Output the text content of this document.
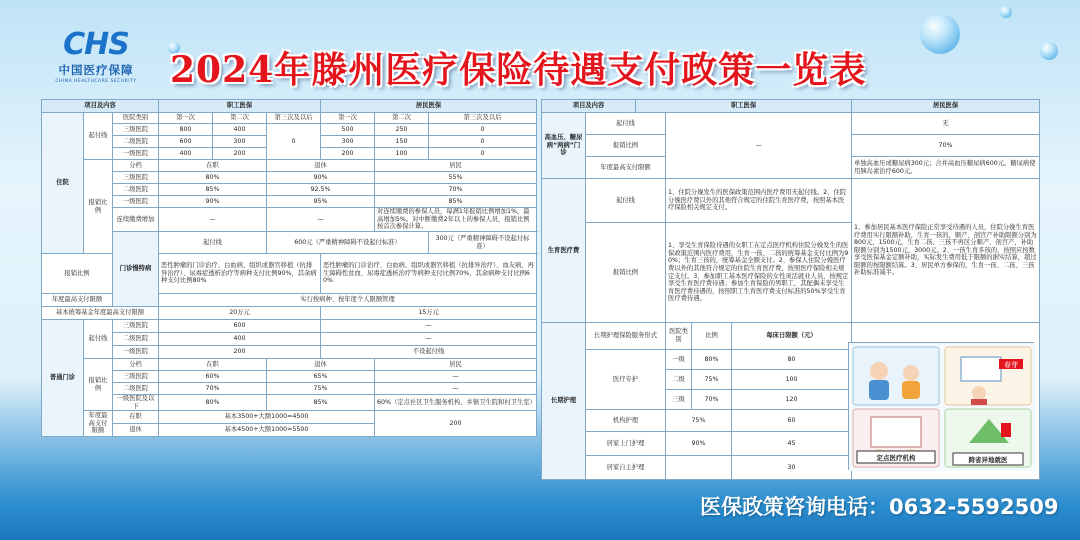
CHS
中国医疗保障
CHINA HEALTHCARE SECURITY 2024年滕州医疗保险待遇支付政策一览表
项目及内容			职工医保			居民医保		
住院	起付线	医院类别	第一次	第二次	第三次及以后	第一次	第二次	第三次及以后
		三级医院	800	400	0	500	250	0
		二级医院	600	300		300	150	0
		一级医院	400	200		200	100	0
	报销比例	分档	在职		退休		居民	
		三级医院	80%		90%		55%	
		二级医院	85%		92.5%		70%	
		一级医院	90%		95%		85%	
		连续缴费增加	—		—		对连续缴费的参保人员，每满1年报销比例增加1%，最高增加5%。对中断缴费2年以上的参保人员，报销比例按首次参保计算。	
		门诊慢特病	起付线		600元（严重精神障碍不设起付标准）			300元（严重精神障碍不设起付标准）
报销比例			恶性肿瘤的门诊治疗、白血病、组织或器官移植（抗排异治疗）、尿毒症透析治疗等病种支付比例90%，其余病种支付比例80%			恶性肿瘤的门诊治疗、白血病、组织或器官移植（抗排异治疗）、血友病、再生障碍性贫血、尿毒症透析治疗等病种支付比例70%，其余病种支付比例60%		
年度最高支付限额			实行按病种、按年度个人限额管理					
基本统筹基金年度最高支付限额			20万元			15万元		
普通门诊	起付线	三级医院	600			—		
		二级医院	400			—		
		一级医院	200			不设起付线		
	报销比例	分档	在职		退休		居民	
		三级医院	60%		65%		—	
		二级医院	70%		75%		—	
		一级医院及以下	80%		85%		60%（定点社区卫生服务机构、乡镇卫生院和村卫生室）	
	年度最高支付限额	在职	基本3500+大额1000=4500				200	
		退休	基本4500+大额1000=5500					
项目及内容		职工医保				居民医保
高血压、糖尿病“两病”门诊	起付线		—			无
	报销比例					70%
	年度最高支付限额					单独高血压或糖尿病300元；合并高血压糖尿病600元。糖尿病使用胰岛素治疗600元。
生育医疗费	起付线		1、住院分娩发生的医保政策范围内医疗费用无起付线。2、住院分娩医疗费以外的其他符合规定的住院生育医疗费，按照基本医疗保险相关规定支付。			1、参加居民基本医疗保险正常享受待遇的人员，住院分娩生育医疗费用实行限额补助，生育一孩的，顺产、剖宫产补助限额分别为800元、1500元，生育二孩、三孩不再区分顺产、剖宫产，补助限额分别为1500元、3000元。2、一孩生育多孩的，按照应按数享受医保基金定额补助，实际发生费用低于限额的据实结算，超过限额的按限额结算。3、居民单方参保的，生育一孩、二孩、三孩补助标准减半。
	报销比例		1、享受生育保险待遇的女职工在定点医疗机构住院分娩发生的医保政策范围内医疗费用，生育一孩、二孩的统筹基金支付比例为90%；生育三孩的，统筹基金全额支付。2、参保人住院分娩医疗费以外的其他符合规定的住院生育医疗费，按照医疗保险相关规定支付。3、参加职工基本医疗保险的女性灵活就业人员，按规定享受生育医疗费待遇；参加生育保险的男职工，其配偶未享受生育医疗费待遇的，按照职工生育医疗费支付标准的50%享受生育医疗费待遇。			
长期护理	长期护理保险服务形式		医院类别	比例	每床日限额（元）	
	医疗专护		一级	80%	80	
			二级	75%	100	
			三级	70%	120	
	机构护理		75%		60	
	居家上门护理		90%		45	
	居家自主护理				30	
春芽
跨省异地就医
定点医疗机构
医保政策咨询电话：0632-5592509
